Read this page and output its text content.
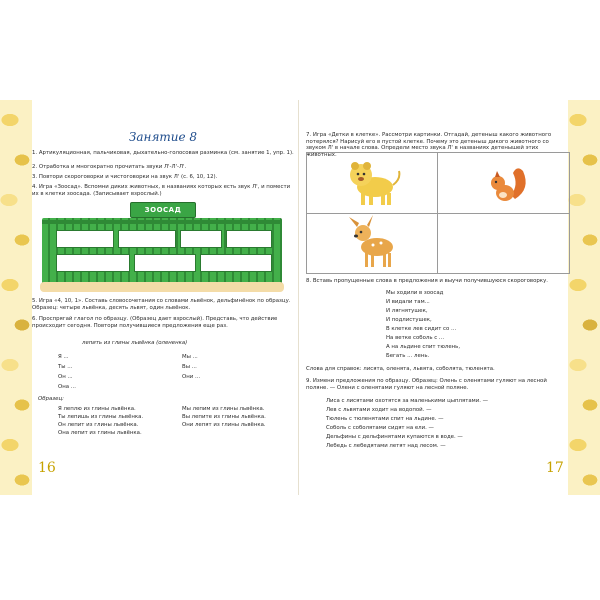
Занятие 8

1. Артикуляционная, пальчиковая, дыхательно-голосовая разминка (см. занятие 1, упр. 1).

2. Отработка и многократно прочитать звуки Л'-Л'-Л'.

3. Повтори скороговорки и чистоговорки на звук Л' (с. 6, 10, 12).

4. Игра «Зоосад». Вспомни диких животных, в названиях которых есть звук Л', и помести их в клетки зоосада. (Записывает взрослый.)

ЗООСАД

5. Игра «4, 10, 1». Составь словосочетания со словами львёнок, дельфинёнок по образцу. Образец: четыре львёнка, десять львят, один львёнок.

6. Проспрягай глагол по образцу. (Образец дает взрослый). Представь, что действие происходит сегодня. Повтори получившиеся предложения еще раз.

лепить из глины львёнка (олененка)

Я ...

Ты ...

Он ...

Она ...

Мы ...

Вы ...

Они ...

Образец:

Я леплю из глины львёнка.

Ты лепишь из глины львёнка.

Он лепит из глины львёнка.

Она лепит из глины львёнка.

Мы лепим из глины львёнка.

Вы лепите из глины львёнка.

Они лепят из глины львёнка.

16

7. Игра «Детки в клетке». Рассмотри картинки. Отгадай, детеныш какого животного потерялся? Нарисуй его в пустой клетке. Почему это детеныш дикого животного со звуком Л' в начале слова. Определи место звука Л' в названиях детенышей этих животных.

8. Вставь пропущенные слова в предложения и выучи получившуюся скороговорку.

Мы ходили в зоосад

И видали там...

И лягнятушек,

И подлистушек,

В клетке лев сидит со ...

На ветке соболь с ...

А на льдине спит тюлень,

Бегать ... лень.

Слова для справок: лисята, оленята, львята, соболята, тюленята.

9. Измени предложения по образцу. Образец: Олень с оленятами гуляют на лесной поляне. — Олени с оленятами гуляют на лесной поляне.

Лиса с лисятами охотятся за маленькими цыплятами. —

Лев с львятами ходит на водопой. —

Тюлень с тюленятами спит на льдине. —

Соболь с соболятами сидят на ели. —

Дельфины с дельфинятами купаются в воде. —

Лебедь с лебедятами летят над лесом. —

17
